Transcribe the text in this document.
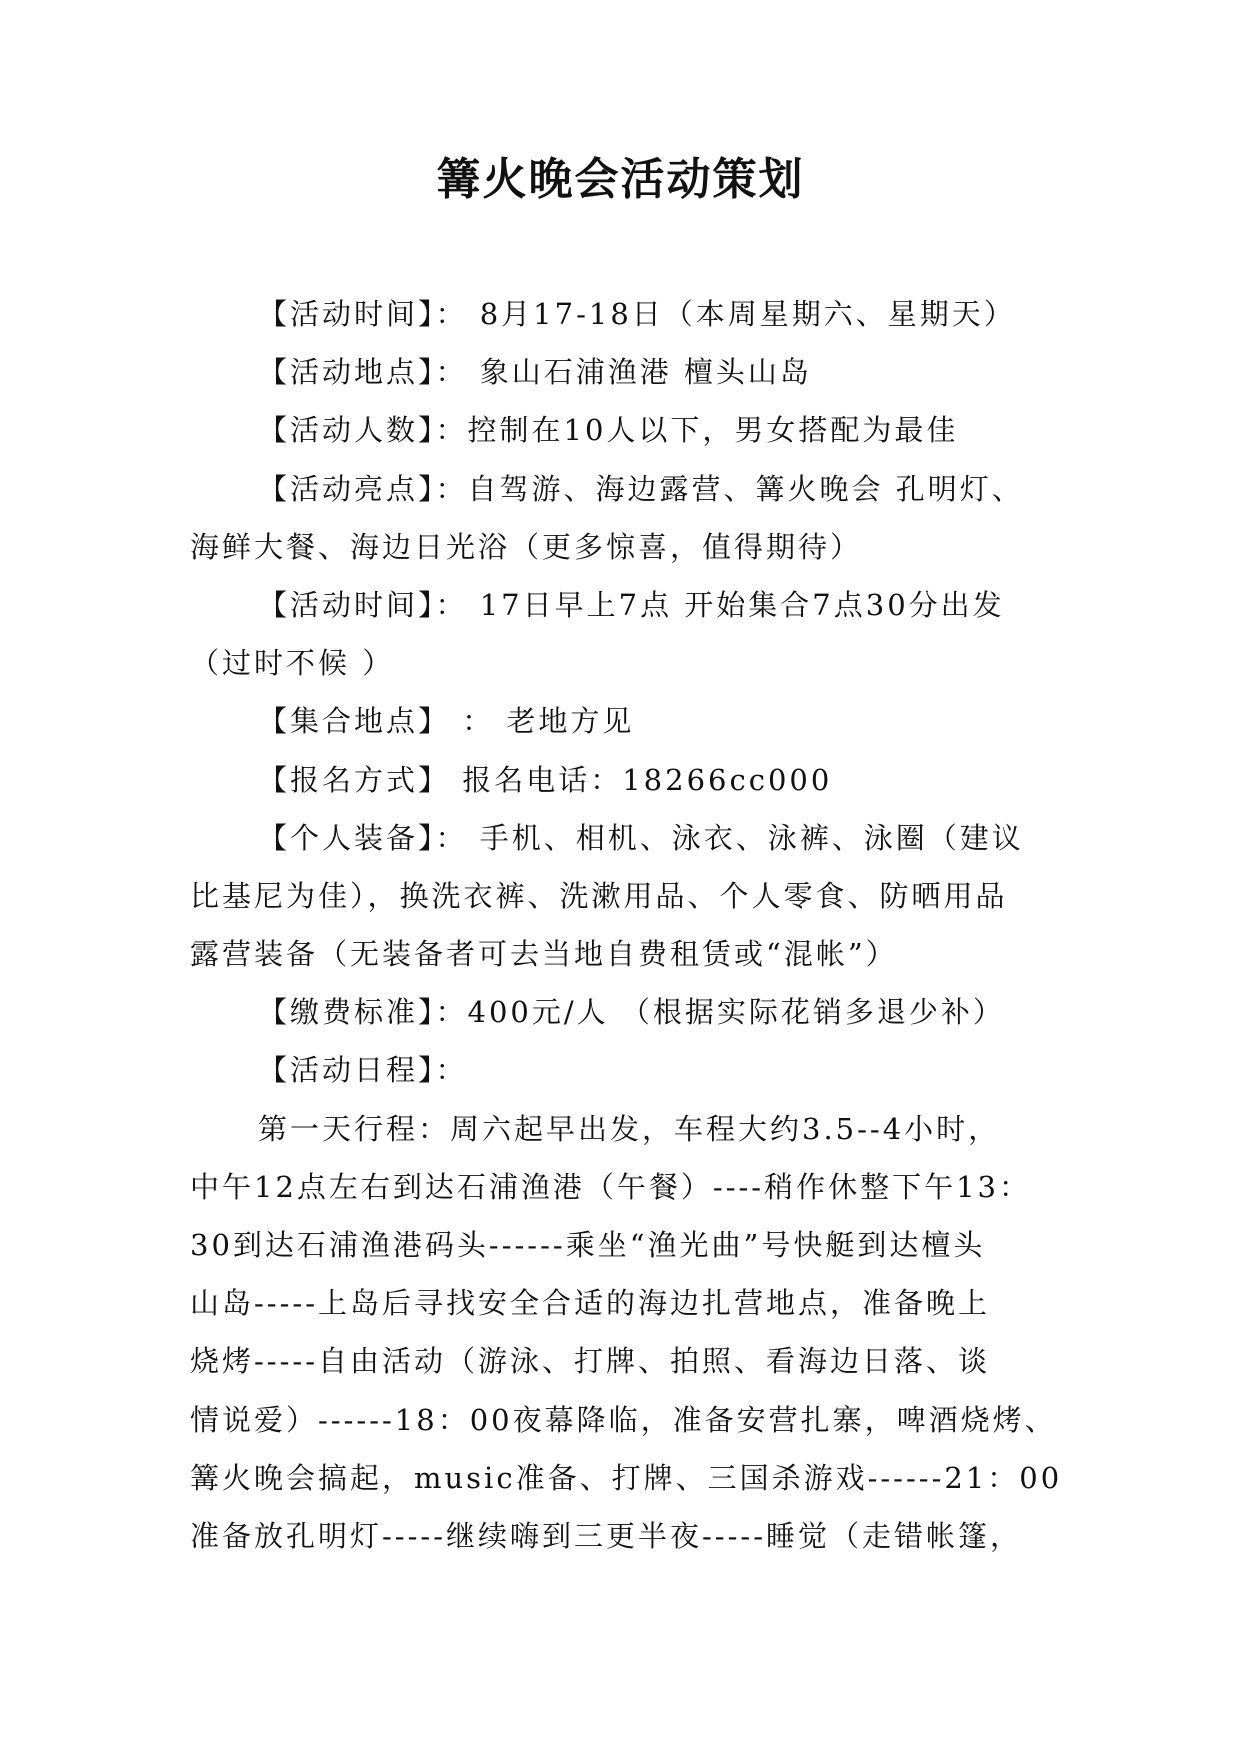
篝火晚会活动策划
【活动时间】： 8月17-18日（本周星期六、星期天）
【活动地点】： 象山石浦渔港 檀头山岛
【活动人数】：控制在10人以下，男女搭配为最佳
【活动亮点】：自驾游、海边露营、篝火晚会 孔明灯、
海鲜大餐、海边日光浴（更多惊喜，值得期待）
【活动时间】： 17日早上7点 开始集合7点30分出发
（过时不候 ）
【集合地点】 ： 老地方见
【报名方式】 报名电话：18266cc000
【个人装备】： 手机、相机、泳衣、泳裤、泳圈（建议
比基尼为佳），换洗衣裤、洗漱用品、个人零食、防晒用品
露营装备（无装备者可去当地自费租赁或“混帐”）
【缴费标准】：400元/人 （根据实际花销多退少补）
【活动日程】：
第一天行程：周六起早出发，车程大约3.5--4小时，
中午12点左右到达石浦渔港（午餐）----稍作休整下午13：
30到达石浦渔港码头------乘坐“渔光曲”号快艇到达檀头
山岛-----上岛后寻找安全合适的海边扎营地点，准备晚上
烧烤-----自由活动（游泳、打牌、拍照、看海边日落、谈
情说爱）------18：00夜幕降临，准备安营扎寨，啤酒烧烤、
篝火晚会搞起，music准备、打牌、三国杀游戏------21：00
准备放孔明灯-----继续嗨到三更半夜-----睡觉（走错帐篷，
